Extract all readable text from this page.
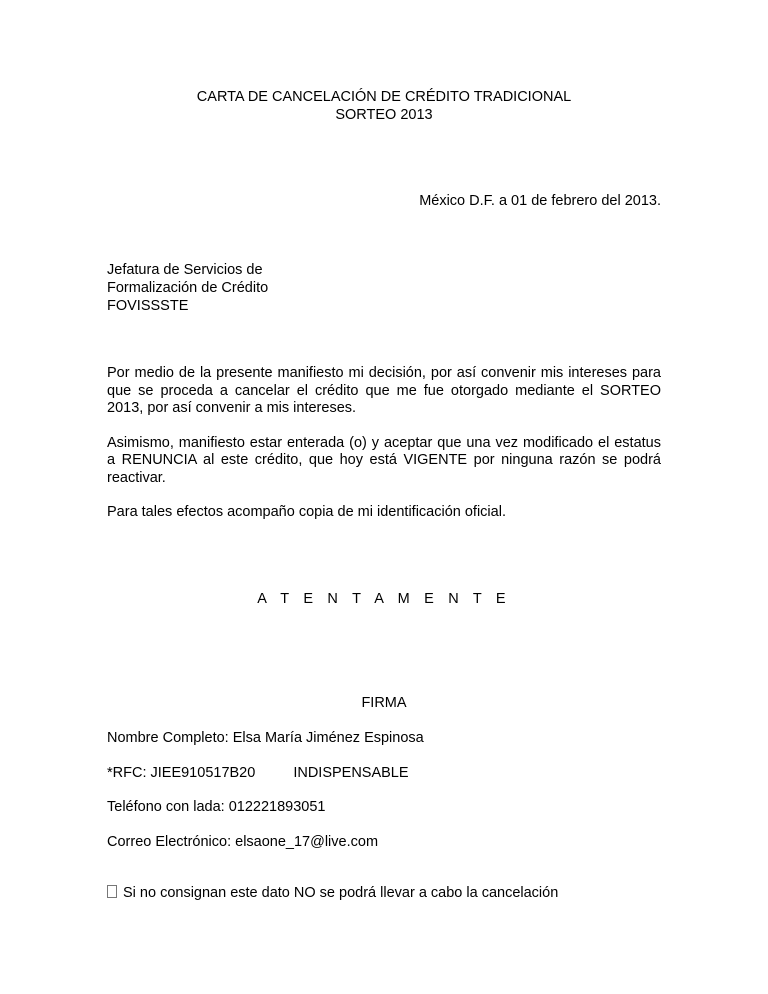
CARTA DE CANCELACIÓN DE CRÉDITO TRADICIONAL
SORTEO 2013
México D.F. a 01 de febrero del 2013.
Jefatura de Servicios de
Formalización de Crédito
FOVISSSTE

Por medio de la presente manifiesto mi decisión, por así convenir mis intereses para que se proceda a cancelar el crédito que me fue otorgado mediante el SORTEO 2013, por así convenir a mis intereses.

Asimismo, manifiesto estar enterada (o) y aceptar que una vez modificado el estatus a RENUNCIA al este crédito, que hoy está VIGENTE por ninguna razón se podrá reactivar.

Para tales efectos acompaño copia de mi identificación oficial.

A T E N T A M E N T E
FIRMA
Nombre Completo: Elsa María Jiménez Espinosa
*RFC: JIEE910517B20	INDISPENSABLE
Teléfono con lada: 012221893051
Correo Electrónico: elsaone_17@live.com
Si no consignan este dato NO se podrá llevar a cabo la cancelación
